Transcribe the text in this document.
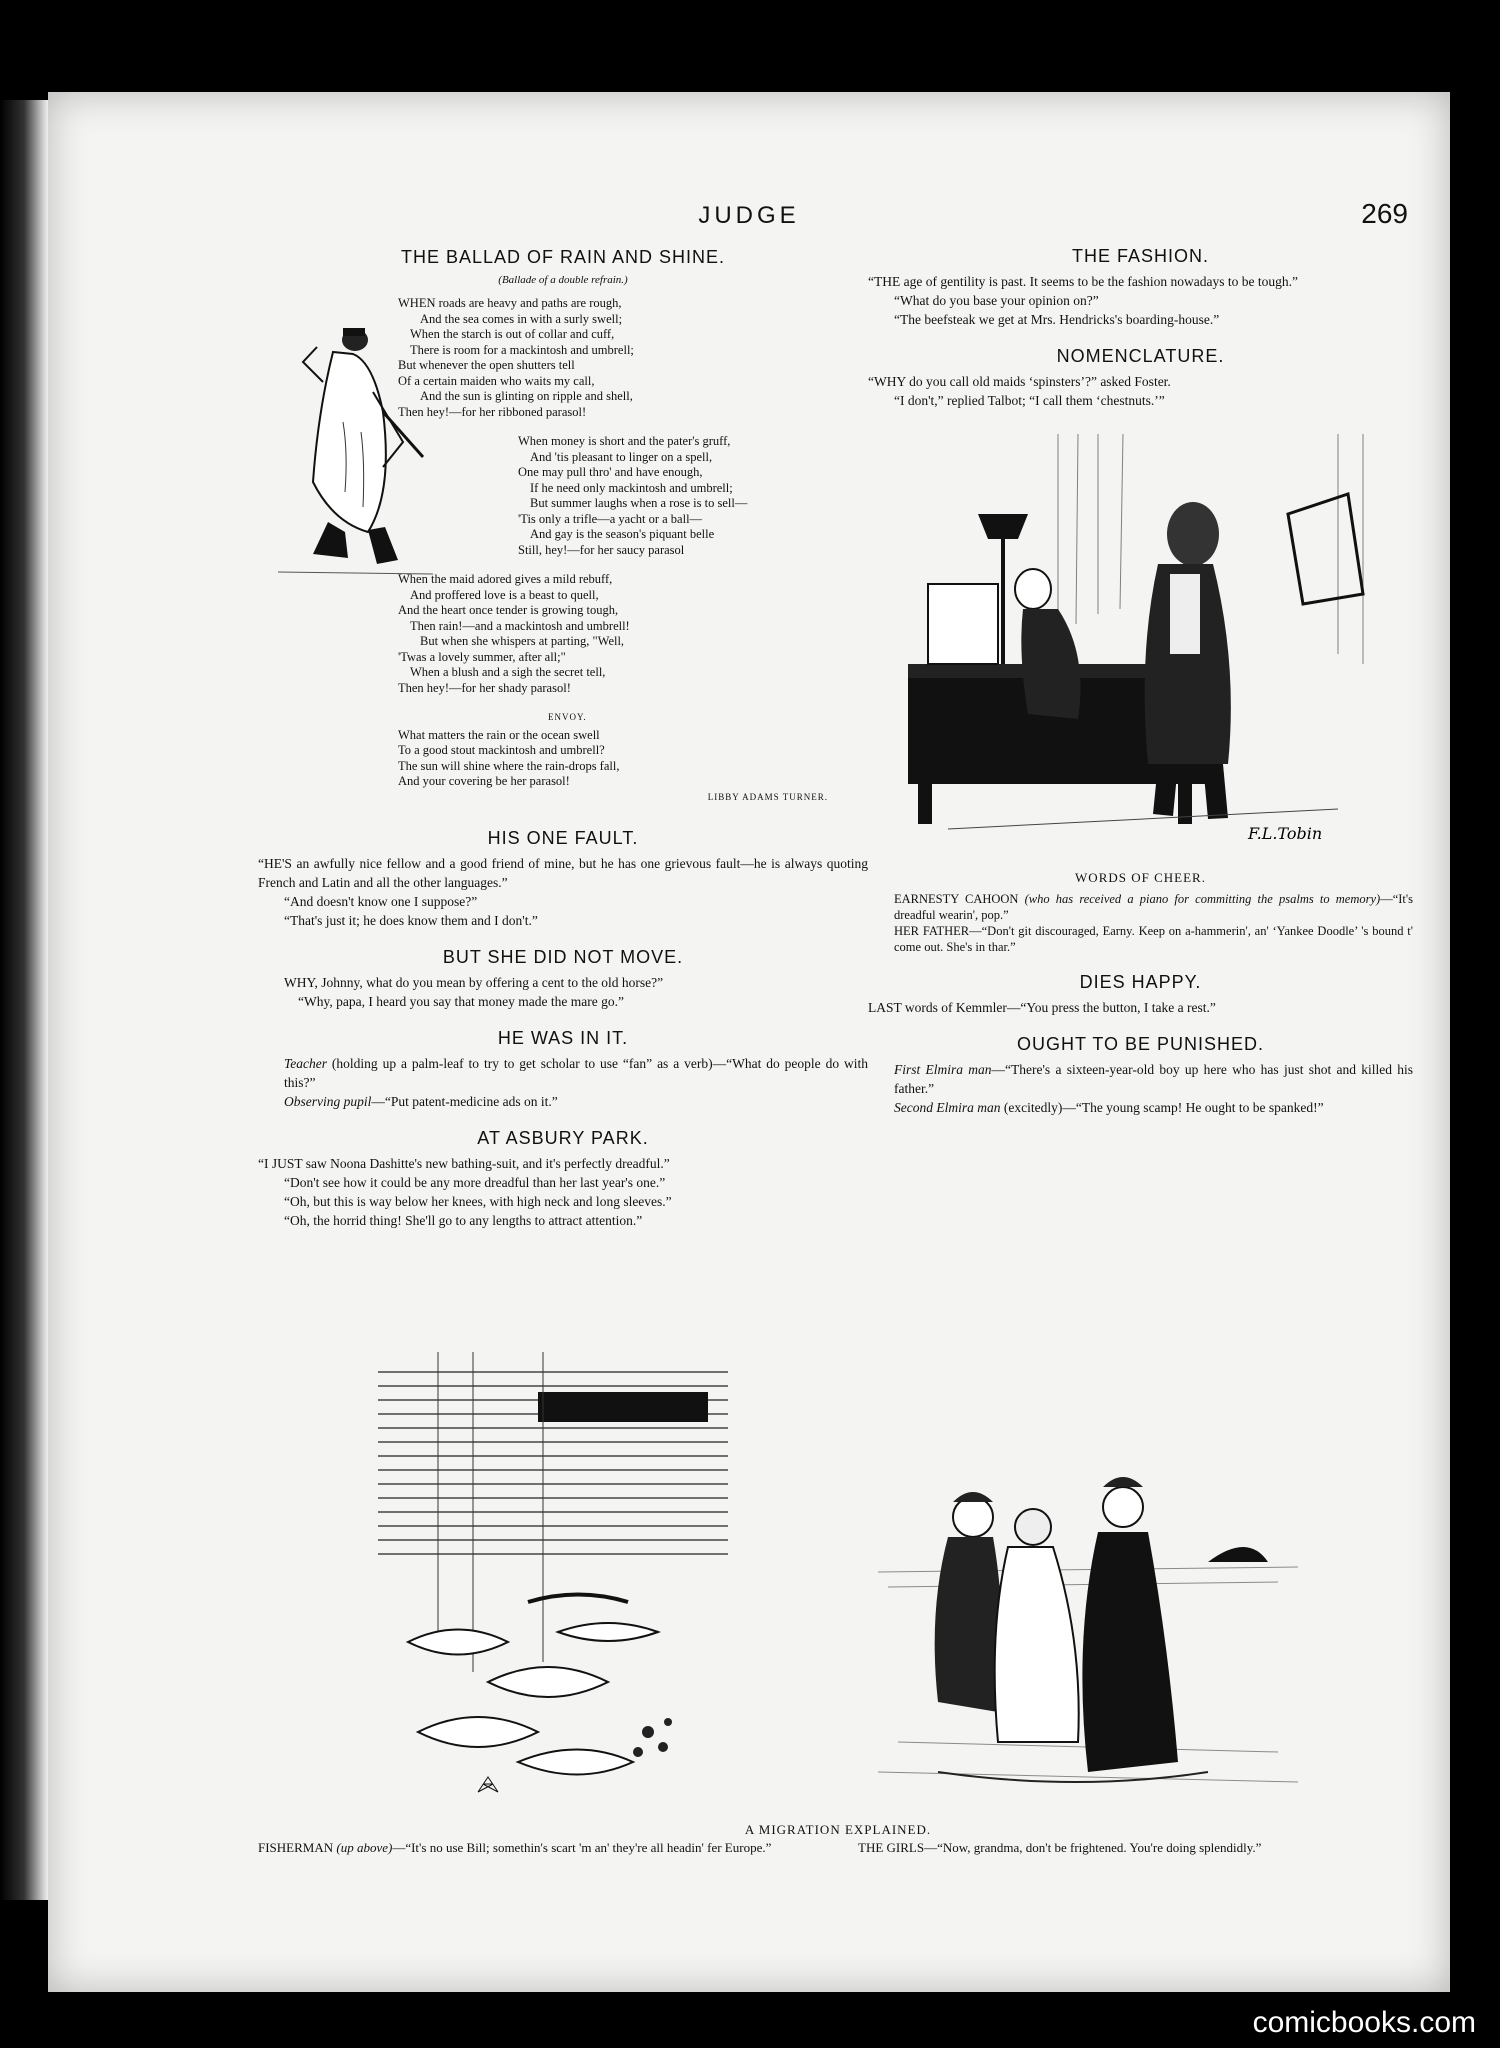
JUDGE	269
THE BALLAD OF RAIN AND SHINE.
(Ballade of a double refrain.)
WHEN roads are heavy and paths are rough,
And the sea comes in with a surly swell;
When the starch is out of collar and cuff,
There is room for a mackintosh and umbrell;
But whenever the open shutters tell
Of a certain maiden who waits my call,
And the sun is glinting on ripple and shell,
Then hey!—for her ribboned parasol!
When money is short and the pater's gruff,
And 'tis pleasant to linger on a spell,
One may pull thro' and have enough,
If he need only mackintosh and umbrell;
But summer laughs when a rose is to sell—
'Tis only a trifle—a yacht or a ball—
And gay is the season's piquant belle
Still, hey!—for her saucy parasol
When the maid adored gives a mild rebuff,
And proffered love is a beast to quell,
And the heart once tender is growing tough,
Then rain!—and a mackintosh and umbrell!
But when she whispers at parting, "Well,
'Twas a lovely summer, after all;"
When a blush and a sigh the secret tell,
Then hey!—for her shady parasol!
ENVOY.
What matters the rain or the ocean swell
To a good stout mackintosh and umbrell?
The sun will shine where the rain-drops fall,
And your covering be her parasol!
LIBBY ADAMS TURNER.
HIS ONE FAULT.

“HE'S an awfully nice fellow and a good friend of mine, but he has one grievous fault—he is always quoting French and Latin and all the other languages.”

“And doesn't know one I suppose?”

“That's just it; he does know them and I don't.”

BUT SHE DID NOT MOVE.

WHY, Johnny, what do you mean by offering a cent to the old horse?”

“Why, papa, I heard you say that money made the mare go.”

HE WAS IN IT.

Teacher (holding up a palm-leaf to try to get scholar to use “fan” as a verb)—“What do people do with this?”

Observing pupil—“Put patent-medicine ads on it.”

AT ASBURY PARK.

“I JUST saw Noona Dashitte's new bathing-suit, and it's perfectly dreadful.”

“Don't see how it could be any more dreadful than her last year's one.”

“Oh, but this is way below her knees, with high neck and long sleeves.”

“Oh, the horrid thing! She'll go to any lengths to attract attention.”

THE FASHION.

“THE age of gentility is past. It seems to be the fashion nowadays to be tough.”

“What do you base your opinion on?”

“The beefsteak we get at Mrs. Hendricks's boarding-house.”

NOMENCLATURE.

“WHY do you call old maids ‘spinsters’?” asked Foster.

“I don't,” replied Talbot; “I call them ‘chestnuts.’”

F.L.Tobin
WORDS OF CHEER.

EARNESTY CAHOON (who has received a piano for committing the psalms to memory)—“It's dreadful wearin', pop.”

HER FATHER—“Don't git discouraged, Earny. Keep on a-hammerin', an' ‘Yankee Doodle’ 's bound t' come out. She's in thar.”

DIES HAPPY.

LAST words of Kemmler—“You press the button, I take a rest.”

OUGHT TO BE PUNISHED.

First Elmira man—“There's a sixteen-year-old boy up here who has just shot and killed his father.”

Second Elmira man (excitedly)—“The young scamp! He ought to be spanked!”

A MIGRATION EXPLAINED.
FISHERMAN (up above)—“It's no use Bill; somethin's scart 'm an' they're all headin' fer Europe.”	THE GIRLS—“Now, grandma, don't be frightened. You're doing splendidly.”
comicbooks.com
